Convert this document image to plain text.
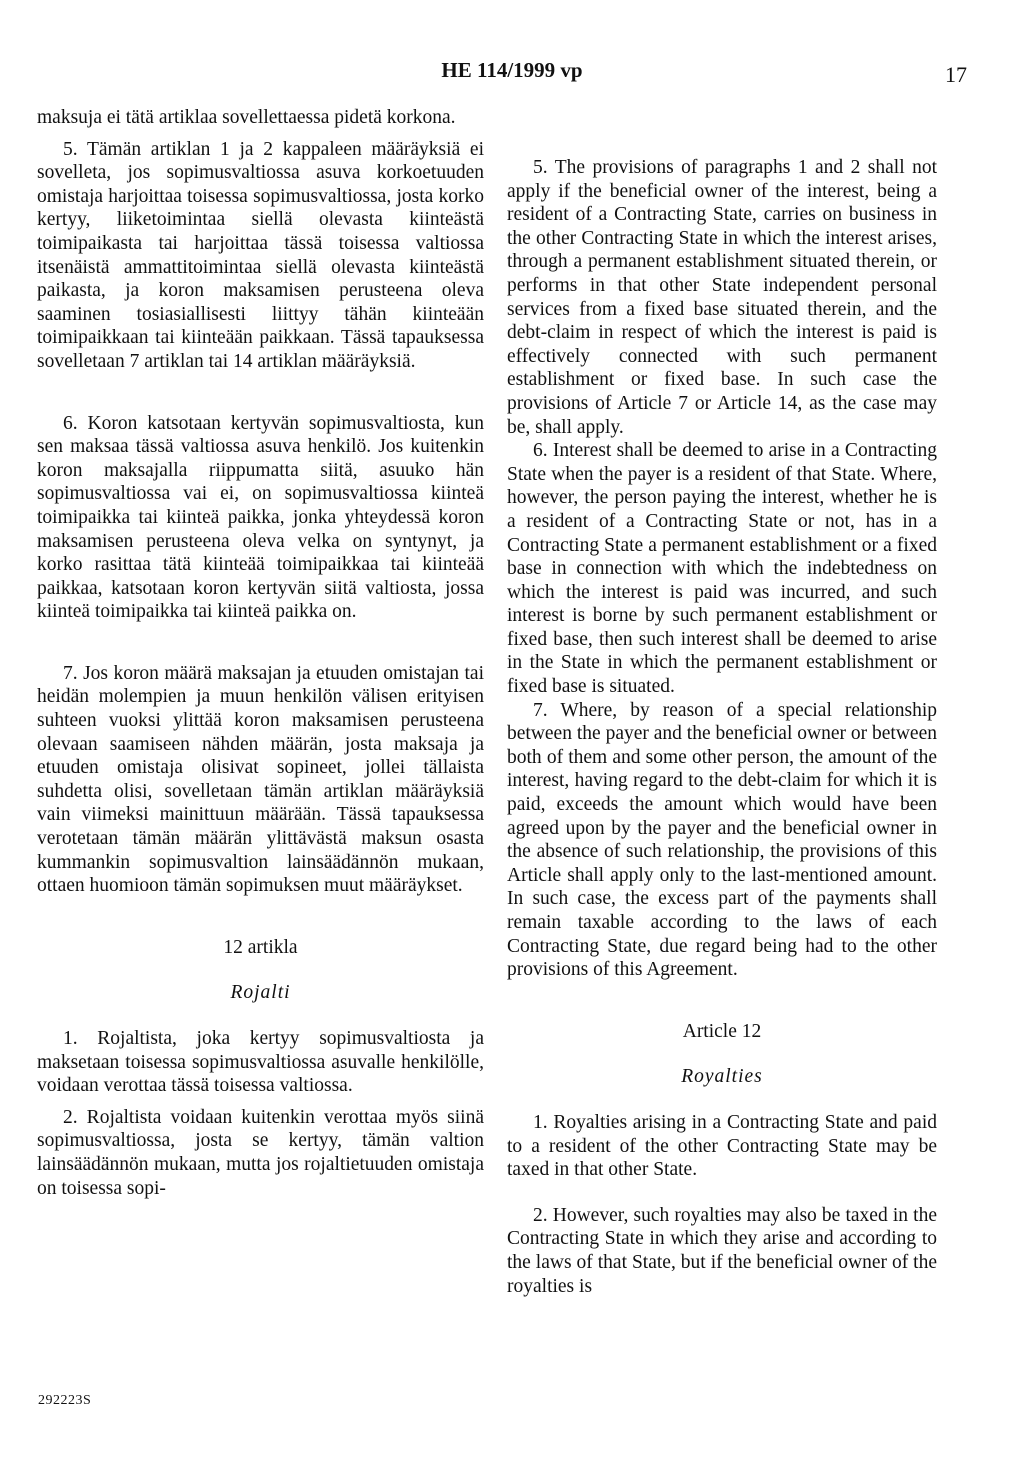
HE 114/1999 vp	17

maksuja ei tätä artiklaa sovellettaessa pidetä korkona.

5. Tämän artiklan 1 ja 2 kappaleen määräyksiä ei sovelleta, jos sopimusvaltiossa asuva korkoetuuden omistaja harjoittaa toisessa sopimusvaltiossa, josta korko kertyy, liiketoimintaa siellä olevasta kiinteästä toimipaikasta tai harjoittaa tässä toisessa valtiossa itsenäistä ammattitoimintaa siellä olevasta kiinteästä paikasta, ja koron maksamisen perusteena oleva saaminen tosiasiallisesti liittyy tähän kiinteään toimipaikkaan tai kiinteään paikkaan. Tässä tapauksessa sovelletaan 7 artiklan tai 14 artiklan määräyksiä.

6. Koron katsotaan kertyvän sopimusvaltiosta, kun sen maksaa tässä valtiossa asuva henkilö. Jos kuitenkin koron maksajalla riippumatta siitä, asuuko hän sopimusvaltiossa vai ei, on sopimusvaltiossa kiinteä toimipaikka tai kiinteä paikka, jonka yhteydessä koron maksamisen perusteena oleva velka on syntynyt, ja korko rasittaa tätä kiinteää toimipaikkaa tai kiinteää paikkaa, katsotaan koron kertyvän siitä valtiosta, jossa kiinteä toimipaikka tai kiinteä paikka on.

7. Jos koron määrä maksajan ja etuuden omistajan tai heidän molempien ja muun henkilön välisen erityisen suhteen vuoksi ylittää koron maksamisen perusteena olevaan saamiseen nähden määrän, josta maksaja ja etuuden omistaja olisivat sopineet, jollei tällaista suhdetta olisi, sovelletaan tämän artiklan määräyksiä vain viimeksi mainittuun määrään. Tässä tapauksessa verotetaan tämän määrän ylittävästä maksun osasta kummankin sopimusvaltion lainsäädännön mukaan, ottaen huomioon tämän sopimuksen muut määräykset.

12 artikla

Rojalti

1. Rojaltista, joka kertyy sopimusvaltiosta ja maksetaan toisessa sopimusvaltiossa asuvalle henkilölle, voidaan verottaa tässä toisessa valtiossa.

2. Rojaltista voidaan kuitenkin verottaa myös siinä sopimusvaltiossa, josta se kertyy, tämän valtion lainsäädännön mukaan, mutta jos rojaltietuuden omistaja on toisessa sopi-

5. The provisions of paragraphs 1 and 2 shall not apply if the beneficial owner of the interest, being a resident of a Contracting State, carries on business in the other Contracting State in which the interest arises, through a permanent establishment situated therein, or performs in that other State independent personal services from a fixed base situated therein, and the debt-claim in respect of which the interest is paid is effectively connected with such permanent establishment or fixed base. In such case the provisions of Article 7 or Article 14, as the case may be, shall apply.

6. Interest shall be deemed to arise in a Contracting State when the payer is a resident of that State. Where, however, the person paying the interest, whether he is a resident of a Contracting State or not, has in a Contracting State a permanent establishment or a fixed base in connection with which the indebtedness on which the interest is paid was incurred, and such interest is borne by such permanent establishment or fixed base, then such interest shall be deemed to arise in the State in which the permanent establishment or fixed base is situated.

7. Where, by reason of a special relationship between the payer and the beneficial owner or between both of them and some other person, the amount of the interest, having regard to the debt-claim for which it is paid, exceeds the amount which would have been agreed upon by the payer and the beneficial owner in the absence of such relationship, the provisions of this Article shall apply only to the last-mentioned amount. In such case, the excess part of the payments shall remain taxable according to the laws of each Contracting State, due regard being had to the other provisions of this Agreement.

Article 12

Royalties

1. Royalties arising in a Contracting State and paid to a resident of the other Contracting State may be taxed in that other State.

2. However, such royalties may also be taxed in the Contracting State in which they arise and according to the laws of that State, but if the beneficial owner of the royalties is

292223S
